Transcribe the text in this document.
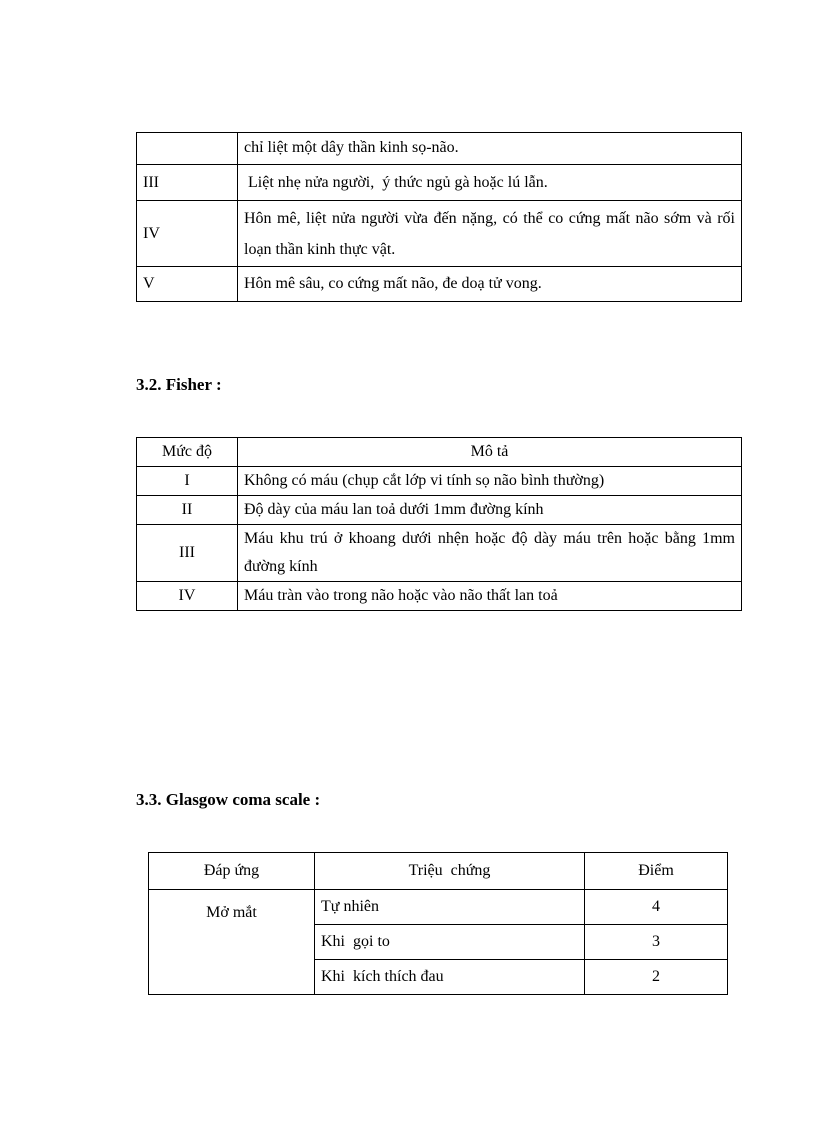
	chỉ liệt một dây thần kinh sọ-não.
III	Liệt nhẹ nửa người,  ý thức ngủ gà hoặc lú lẫn.
IV	Hôn mê, liệt nửa người vừa đến nặng, có thể co cứng mất não sớm và rối loạn thần kinh thực vật.
V	Hôn mê sâu, co cứng mất não, đe doạ tử vong.

3.2. Fisher :

Mức độ	Mô tả
I	Không có máu (chụp cắt lớp vi tính sọ não bình thường)
II	Độ dày của máu lan toả dưới 1mm đường kính
III	Máu khu trú ở khoang dưới nhện hoặc độ dày máu trên hoặc bằng 1mm đường kính
IV	Máu tràn vào trong não hoặc vào não thất lan toả

3.3. Glasgow coma scale :

Đáp ứng	Triệu  chứng	Điểm
Mở mắt	Tự nhiên	4
	Khi  gọi to	3
	Khi  kích thích đau	2
